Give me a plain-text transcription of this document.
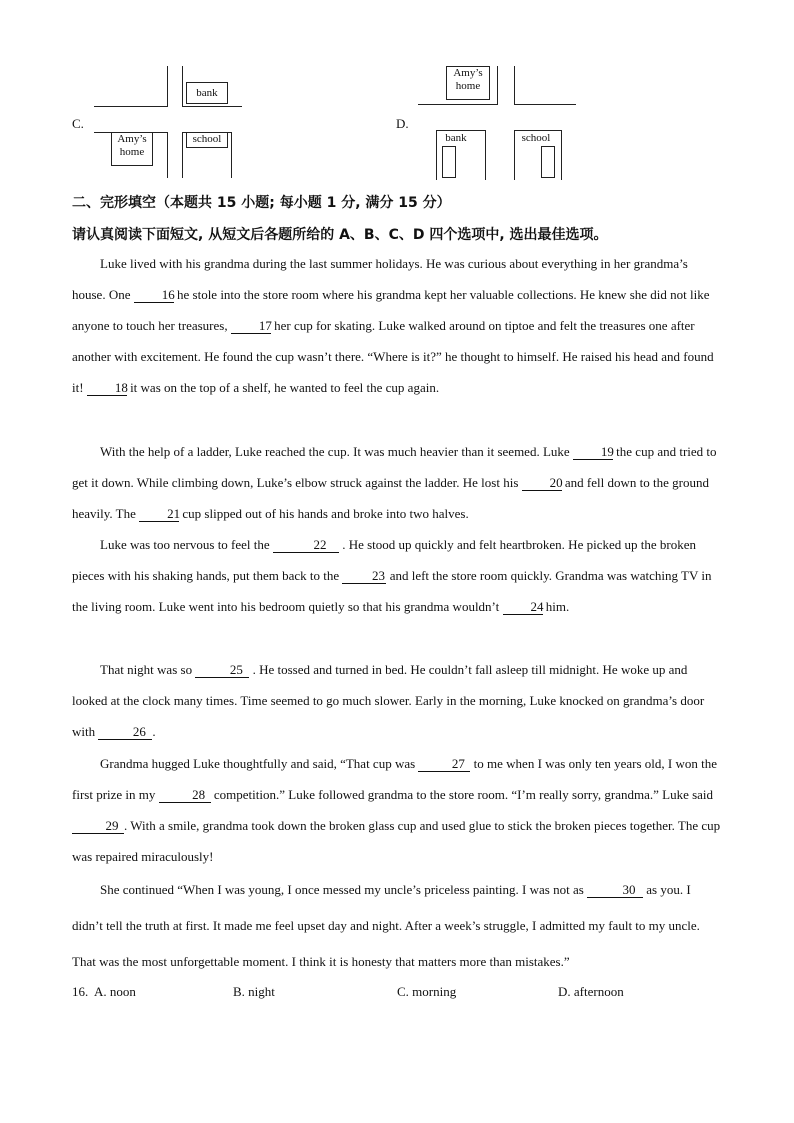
C.
bank
Amy’s
home
school
D.
Amy’s
home
bank	school
二、完形填空（本题共 15 小题; 每小题 1 分, 满分 15 分）
请认真阅读下面短文, 从短文后各题所给的 A、B、C、D 四个选项中, 选出最佳选项。
Luke lived with his grandma during the last summer holidays. He was curious about everything in her grandma’s house. One 16 he stole into the store room where his grandma kept her valuable collections. He knew she did not like anyone to touch her treasures, 17 her cup for skating. Luke walked around on tiptoe and felt the treasures one after another with excitement. He found the cup wasn’t there. “Where is it?” he thought to himself. He raised his head and found it! 18 it was on the top of a shelf, he wanted to feel the cup again.
With the help of a ladder, Luke reached the cup. It was much heavier than it seemed. Luke 19 the cup and tried to get it down. While climbing down, Luke’s elbow struck against the ladder. He lost his 20 and fell down to the ground heavily. The 21 cup slipped out of his hands and broke into two halves.
Luke was too nervous to feel the	22 . He stood up quickly and felt heartbroken. He picked up the broken pieces with his shaking hands, put them back to the 23 and left the store room quickly. Grandma was watching TV in the living room. Luke went into his bedroom quietly so that his grandma wouldn’t 24 him.
That night was so	25 . He tossed and turned in bed. He couldn’t fall asleep till midnight. He woke up and looked at the clock many times. Time seemed to go much slower. Early in the morning, Luke knocked on grandma’s door with	26 .
Grandma hugged Luke thoughtfully and said, “That cup was	27 to me when I was only ten years old, I won the first prize in my	28 competition.” Luke followed grandma to the store room. “I’m really sorry, grandma.” Luke said 29 . With a smile, grandma took down the broken glass cup and used glue to stick the broken pieces together. The cup was repaired miraculously!
She continued “When I was young, I once messed my uncle’s priceless painting. I was not as	30 as you. I didn’t tell the truth at first. It made me feel upset day and night. After a week’s struggle, I admitted my fault to my uncle. That was the most unforgettable moment. I think it is honesty that matters more than mistakes.”
16. A. noon	B. night	C. morning	D. afternoon
